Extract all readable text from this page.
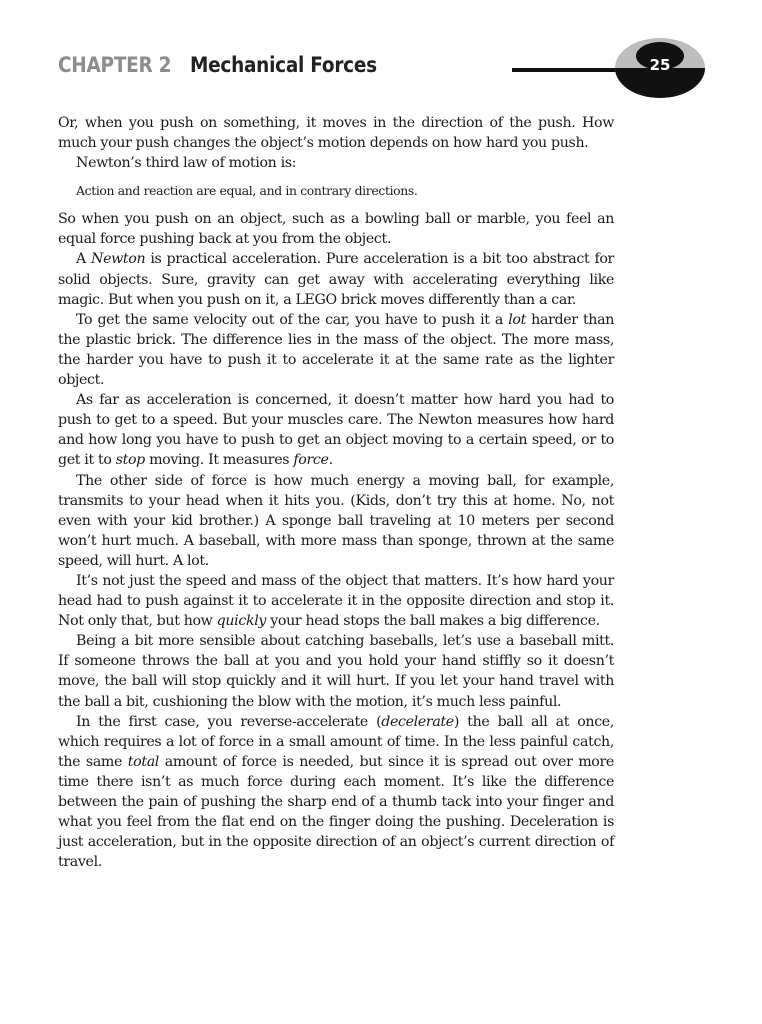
CHAPTER 2 Mechanical Forces	25

Or, when you push on something, it moves in the direction of the push. How much your push changes the object’s motion depends on how hard you push.

Newton’s third law of motion is:

Action and reaction are equal, and in contrary directions.

So when you push on an object, such as a bowling ball or marble, you feel an equal force pushing back at you from the object.

A Newton is practical acceleration. Pure acceleration is a bit too abstract for solid objects. Sure, gravity can get away with accelerating everything like magic. But when you push on it, a LEGO brick moves differently than a car.

To get the same velocity out of the car, you have to push it a lot harder than the plastic brick. The difference lies in the mass of the object. The more mass, the harder you have to push it to accelerate it at the same rate as the lighter object.

As far as acceleration is concerned, it doesn’t matter how hard you had to push to get to a speed. But your muscles care. The Newton measures how hard and how long you have to push to get an object moving to a certain speed, or to get it to stop moving. It measures force.

The other side of force is how much energy a moving ball, for example, transmits to your head when it hits you. (Kids, don’t try this at home. No, not even with your kid brother.) A sponge ball traveling at 10 meters per second won’t hurt much. A baseball, with more mass than sponge, thrown at the same speed, will hurt. A lot.

It’s not just the speed and mass of the object that matters. It’s how hard your head had to push against it to accelerate it in the opposite direction and stop it. Not only that, but how quickly your head stops the ball makes a big difference.

Being a bit more sensible about catching baseballs, let’s use a baseball mitt. If someone throws the ball at you and you hold your hand stiffly so it doesn’t move, the ball will stop quickly and it will hurt. If you let your hand travel with the ball a bit, cushioning the blow with the motion, it’s much less painful.

In the first case, you reverse-accelerate (decelerate) the ball all at once, which requires a lot of force in a small amount of time. In the less painful catch, the same total amount of force is needed, but since it is spread out over more time there isn’t as much force during each moment. It’s like the difference between the pain of pushing the sharp end of a thumb tack into your finger and what you feel from the flat end on the finger doing the pushing. Deceleration is just acceleration, but in the opposite direction of an object’s current direction of travel.
